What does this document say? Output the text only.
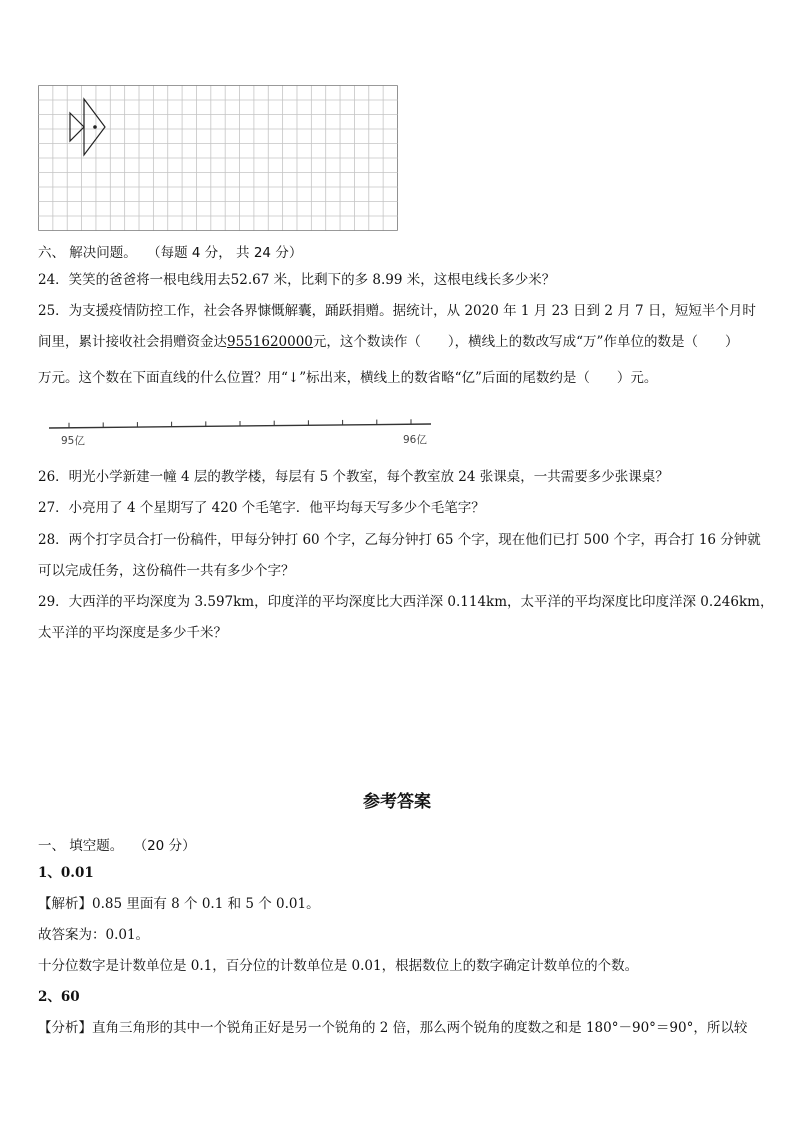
六、 解决问题。 （每题 4 分， 共 24 分）
24．笑笑的爸爸将一根电线用去52.67 米，比剩下的多 8.99 米，这根电线长多少米？
25．为支援疫情防控工作，社会各界慷慨解囊，踊跃捐赠。据统计，从 2020 年 1 月 23 日到 2 月 7 日，短短半个月时
间里，累计接收社会捐赠资金达9551620000元，这个数读作（　　），横线上的数改写成“万”作单位的数是（　　）
万元。这个数在下面直线的什么位置？用“↓”标出来，横线上的数省略“亿”后面的尾数约是（　　）元。
95亿	96亿
26．明光小学新建一幢 4 层的教学楼，每层有 5 个教室，每个教室放 24 张课桌，一共需要多少张课桌？
27．小亮用了 4 个星期写了 420 个毛笔字．他平均每天写多少个毛笔字？
28．两个打字员合打一份稿件，甲每分钟打 60 个字，乙每分钟打 65 个字，现在他们已打 500 个字，再合打 16 分钟就
可以完成任务，这份稿件一共有多少个字？
29．大西洋的平均深度为 3.597km，印度洋的平均深度比大西洋深 0.114km，太平洋的平均深度比印度洋深 0.246km，
太平洋的平均深度是多少千米？
参考答案
一、 填空题。 （20 分）
1、0.01
【解析】0.85 里面有 8 个 0.1 和 5 个 0.01。
故答案为：0.01。
十分位数字是计数单位是 0.1，百分位的计数单位是 0.01，根据数位上的数字确定计数单位的个数。
2、60
【分析】直角三角形的其中一个锐角正好是另一个锐角的 2 倍，那么两个锐角的度数之和是 180°－90°＝90°，所以较
